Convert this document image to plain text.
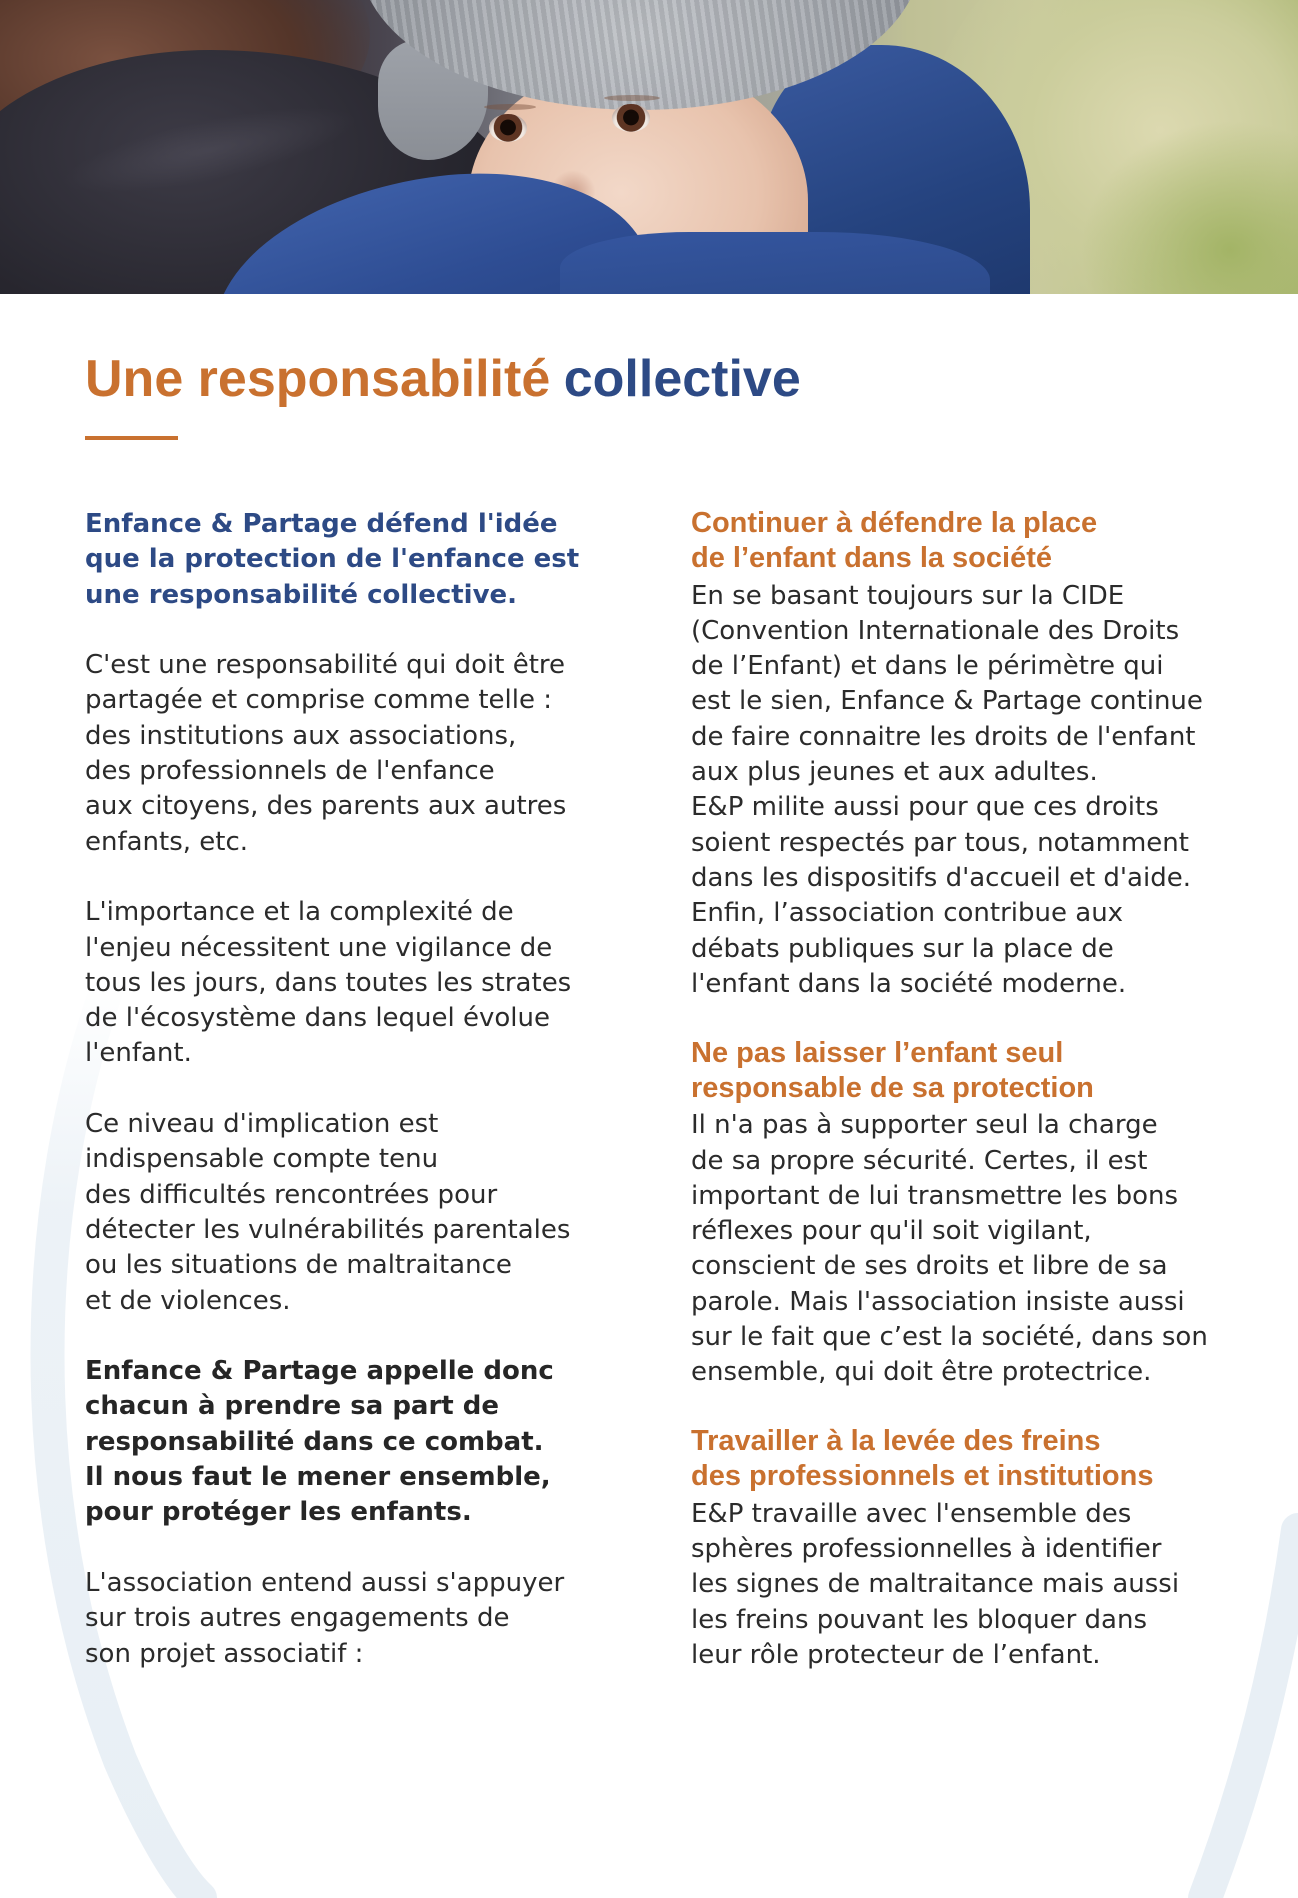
Une responsabilité collective

Enfance & Partage défend l'idée
que la protection de l'enfance est
une responsabilité collective.

C'est une responsabilité qui doit être
partagée et comprise comme telle :
des institutions aux associations,
des professionnels de l'enfance
aux citoyens, des parents aux autres
enfants, etc.

L'importance et la complexité de
l'enjeu nécessitent une vigilance de
tous les jours, dans toutes les strates
de l'écosystème dans lequel évolue
l'enfant.

Ce niveau d'implication est
indispensable compte tenu
des difficultés rencontrées pour
détecter les vulnérabilités parentales
ou les situations de maltraitance
et de violences.

Enfance & Partage appelle donc
chacun à prendre sa part de
responsabilité dans ce combat.
Il nous faut le mener ensemble,
pour protéger les enfants.

L'association entend aussi s'appuyer
sur trois autres engagements de
son projet associatif :

Continuer à défendre la place
de l’enfant dans la société

En se basant toujours sur la CIDE
(Convention Internationale des Droits
de l’Enfant) et dans le périmètre qui
est le sien, Enfance & Partage continue
de faire connaitre les droits de l'enfant
aux plus jeunes et aux adultes.
E&P milite aussi pour que ces droits
soient respectés par tous, notamment
dans les dispositifs d'accueil et d'aide.
Enfin, l’association contribue aux
débats publiques sur la place de
l'enfant dans la société moderne.

Ne pas laisser l’enfant seul
responsable de sa protection

Il n'a pas à supporter seul la charge
de sa propre sécurité. Certes, il est
important de lui transmettre les bons
réflexes pour qu'il soit vigilant,
conscient de ses droits et libre de sa
parole. Mais l'association insiste aussi
sur le fait que c’est la société, dans son
ensemble, qui doit être protectrice.

Travailler à la levée des freins
des professionnels et institutions

E&P travaille avec l'ensemble des
sphères professionnelles à identifier
les signes de maltraitance mais aussi
les freins pouvant les bloquer dans
leur rôle protecteur de l’enfant.
